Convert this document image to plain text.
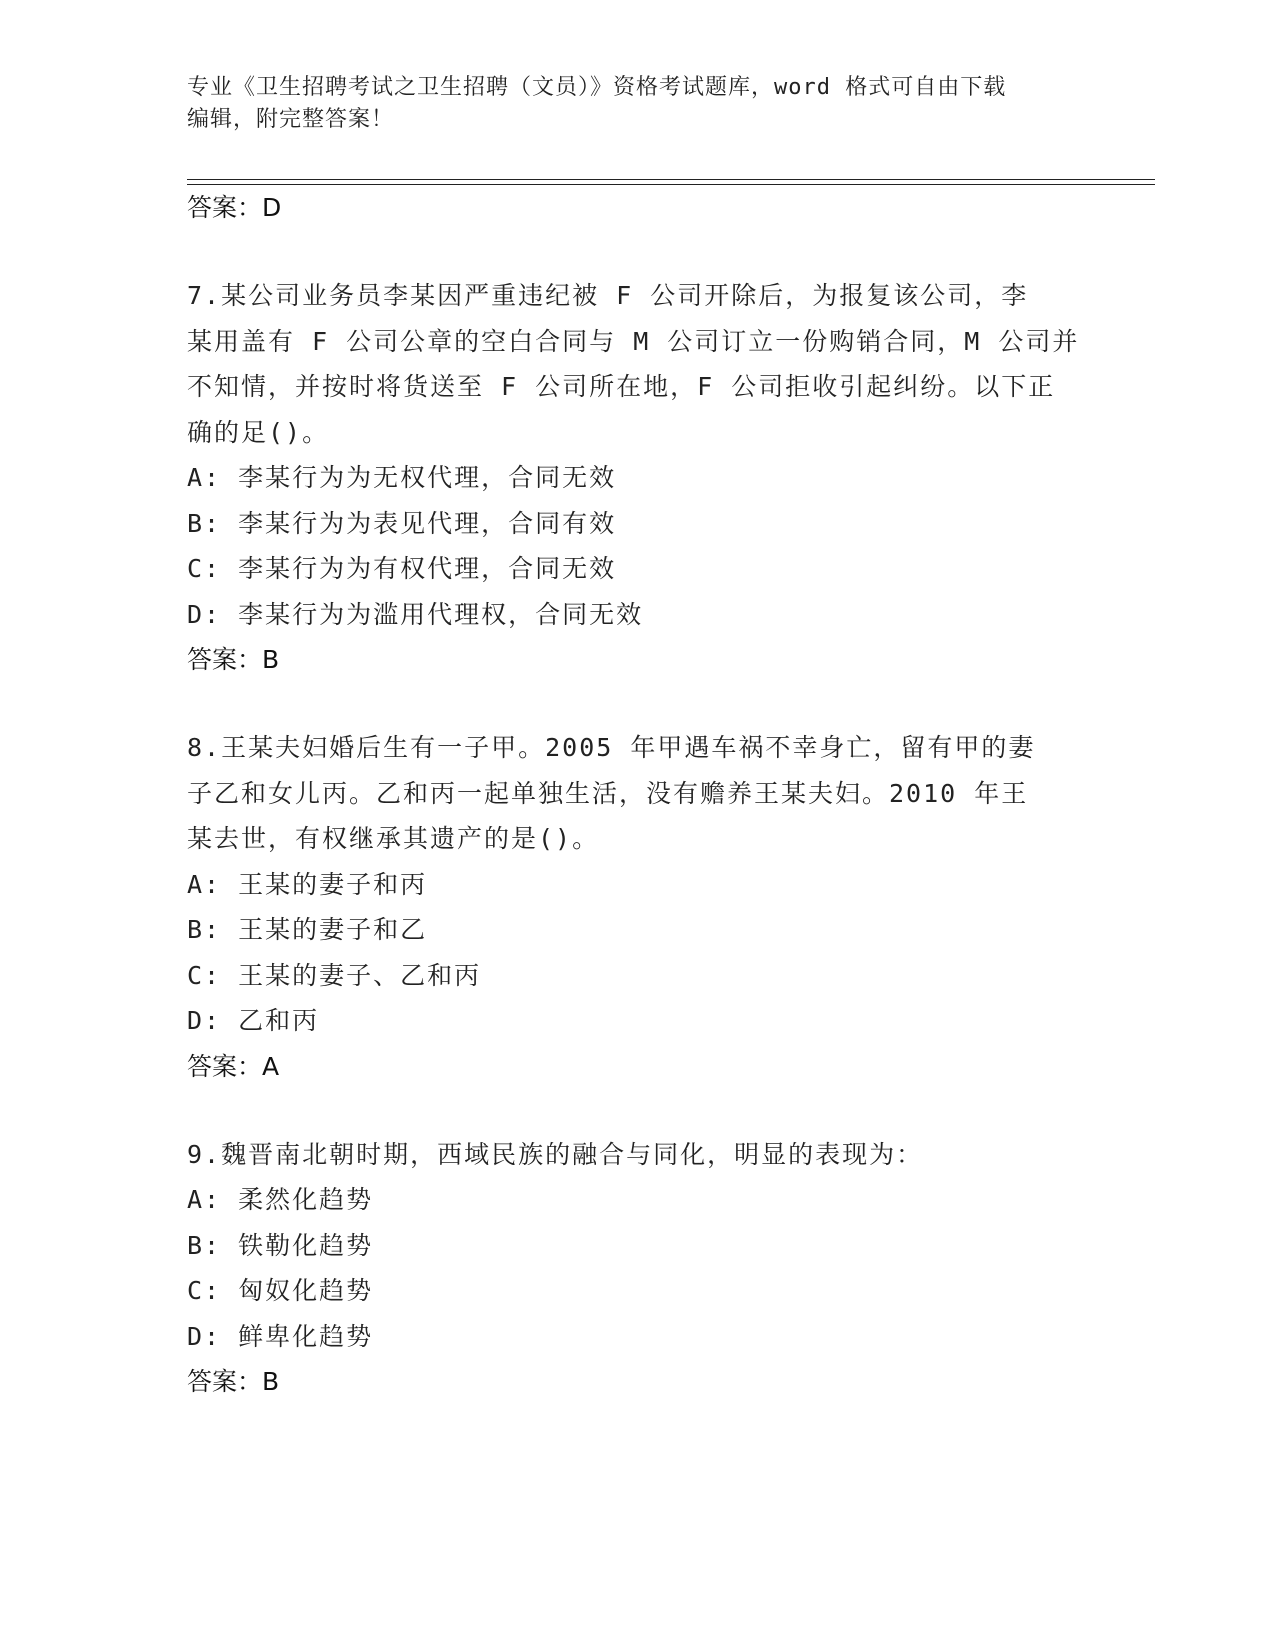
专业《卫生招聘考试之卫生招聘（文员）》资格考试题库，word 格式可自由下载
编辑，附完整答案！
答案：D
7.某公司业务员李某因严重违纪被 F 公司开除后，为报复该公司，李
某用盖有 F 公司公章的空白合同与 M 公司订立一份购销合同，M 公司并
不知情，并按时将货送至 F 公司所在地，F 公司拒收引起纠纷。以下正
确的足()。
A: 李某行为为无权代理，合同无效
B: 李某行为为表见代理，合同有效
C: 李某行为为有权代理，合同无效
D: 李某行为为滥用代理权，合同无效
答案：B
8.王某夫妇婚后生有一子甲。2005 年甲遇车祸不幸身亡，留有甲的妻
子乙和女儿丙。乙和丙一起单独生活，没有赡养王某夫妇。2010 年王
某去世，有权继承其遗产的是()。
A: 王某的妻子和丙
B: 王某的妻子和乙
C: 王某的妻子、乙和丙
D: 乙和丙
答案：A
9.魏晋南北朝时期，西域民族的融合与同化，明显的表现为：
A: 柔然化趋势
B: 铁勒化趋势
C: 匈奴化趋势
D: 鲜卑化趋势
答案：B
